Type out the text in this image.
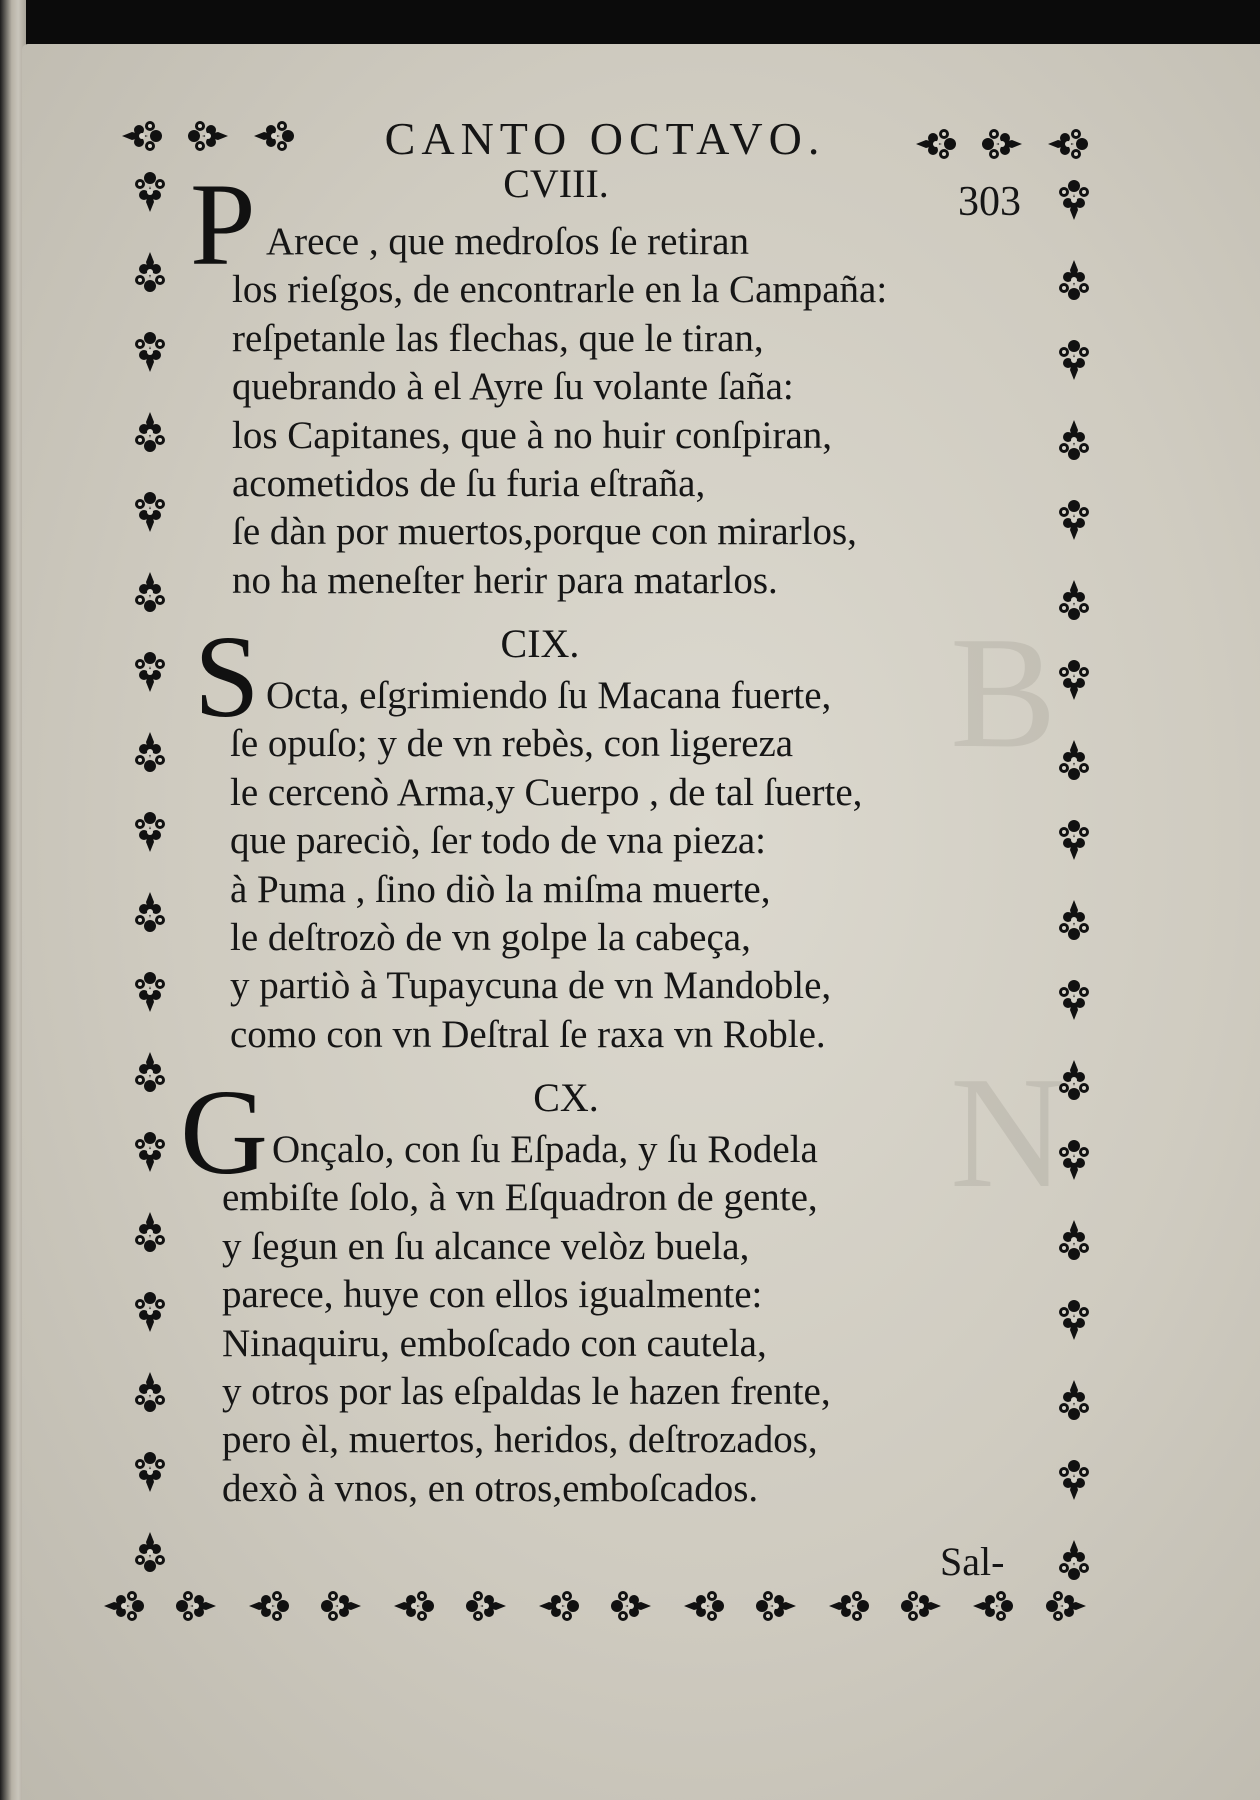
B
N
CANTO OCTAVO.
303
CVIII.
P Arece , que medroſos ſe retiran
los rieſgos, de encontrarle en la Campaña:
reſpetanle las flechas, que le tiran,
quebrando à el Ayre ſu volante ſaña:
los Capitanes, que à no huir conſpiran,
acometidos de ſu furia eſtraña,
ſe dàn por muertos,porque con mirarlos,
no ha meneſter herir para matarlos.
CIX.
S Octa, eſgrimiendo ſu Macana fuerte,
ſe opuſo; y de vn rebès, con ligereza
le cercenò Arma,y Cuerpo , de tal ſuerte,
que pareciò, ſer todo de vna pieza:
à Puma , ſino diò la miſma muerte,
le deſtrozò de vn golpe la cabeça,
y partiò à Tupaycuna de vn Mandoble,
como con vn Deſtral ſe raxa vn Roble.
CX.
G Onçalo, con ſu Eſpada, y ſu Rodela
embiſte ſolo, à vn Eſquadron de gente,
y ſegun en ſu alcance velòz buela,
parece, huye con ellos igualmente:
Ninaquiru, emboſcado con cautela,
y otros por las eſpaldas le hazen frente,
pero èl, muertos, heridos, deſtrozados,
dexò à vnos, en otros,emboſcados.
Sal-
